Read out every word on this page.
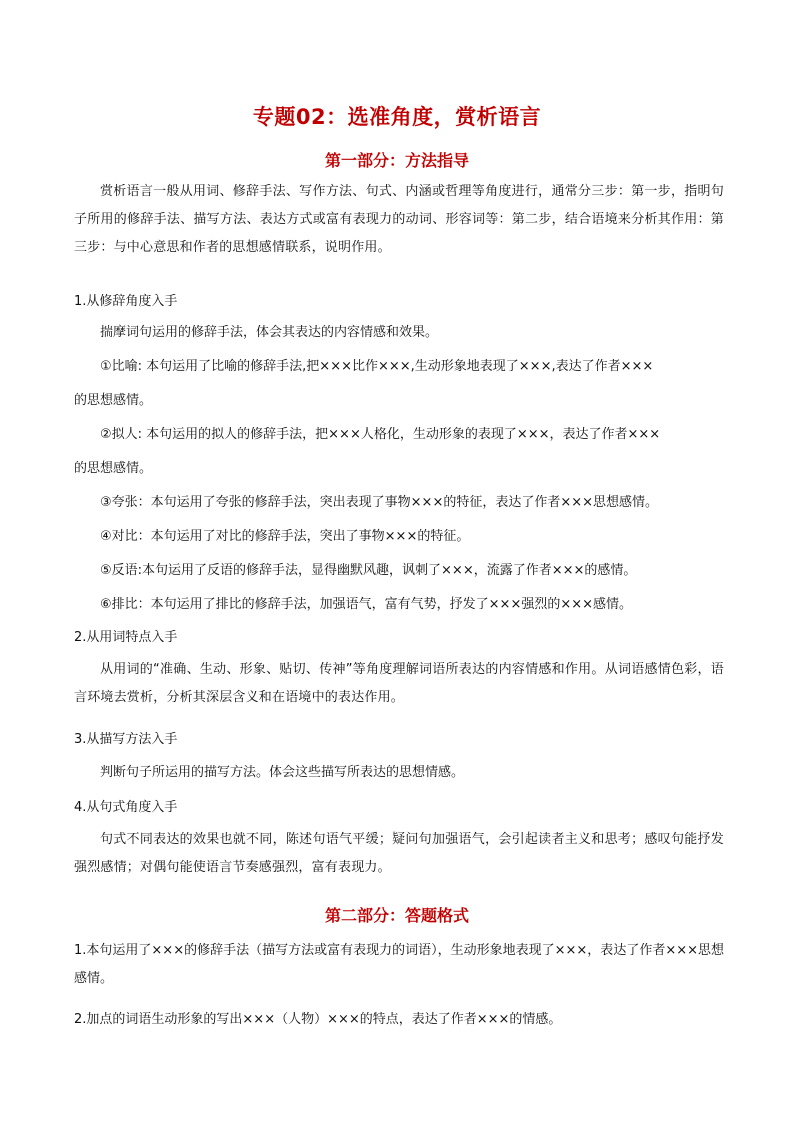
专题02：选准角度，赏析语言
第一部分：方法指导

赏析语言一般从用词、修辞手法、写作方法、句式、内涵或哲理等角度进行，通常分三步：第一步，指明句子所用的修辞手法、描写方法、表达方式或富有表现力的动词、形容词等：第二步，结合语境来分析其作用：第三步：与中心意思和作者的思想感情联系，说明作用。

1.从修辞角度入手

揣摩词句运用的修辞手法，体会其表达的内容情感和效果。

①比喻: 本句运用了比喻的修辞手法,把×××比作×××,生动形象地表现了×××,表达了作者×××

的思想感情。

②拟人: 本句运用的拟人的修辞手法，把×××人格化，生动形象的表现了×××，表达了作者×××

的思想感情。

③夸张：本句运用了夸张的修辞手法，突出表现了事物×××的特征，表达了作者×××思想感情。

④对比：本句运用了对比的修辞手法，突出了事物×××的特征。

⑤反语:本句运用了反语的修辞手法，显得幽默风趣，讽刺了×××，流露了作者×××的感情。

⑥排比：本句运用了排比的修辞手法，加强语气，富有气势，抒发了×××强烈的×××感情。

2.从用词特点入手

从用词的“准确、生动、形象、贴切、传神”等角度理解词语所表达的内容情感和作用。从词语感情色彩，语言环境去赏析，分析其深层含义和在语境中的表达作用。

3.从描写方法入手

判断句子所运用的描写方法。体会这些描写所表达的思想情感。

4.从句式角度入手

句式不同表达的效果也就不同，陈述句语气平缓；疑问句加强语气，会引起读者主义和思考；感叹句能抒发强烈感情；对偶句能使语言节奏感强烈，富有表现力。

第二部分：答题格式

1.本句运用了×××的修辞手法（描写方法或富有表现力的词语），生动形象地表现了×××，表达了作者×××思想感情。

2.加点的词语生动形象的写出×××（人物）×××的特点，表达了作者×××的情感。
